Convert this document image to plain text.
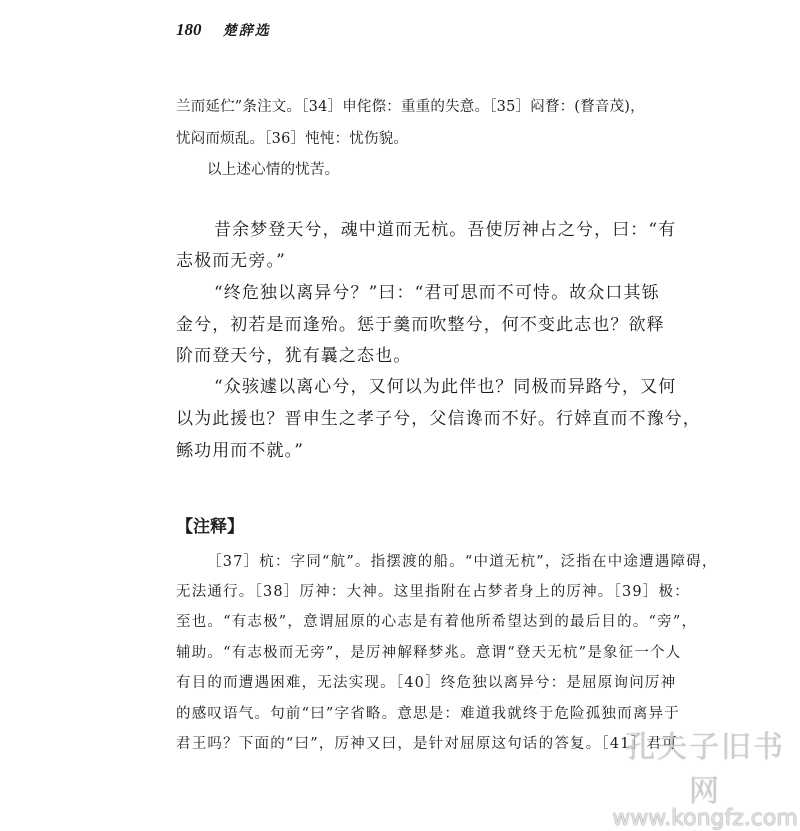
180 楚辞选
兰而延伫”条注文。［34］申侘傺：重重的失意。［35］闷瞀：(瞀音茂)，
忧闷而烦乱。［36］忳忳：忧伤貌。
以上述心情的忧苦。
昔余梦登天兮，魂中道而无杭。吾使厉神占之兮，曰：“有
志极而无旁。”
“终危独以离异兮？”曰：“君可思而不可恃。故众口其铄
金兮，初若是而逢殆。惩于羹而吹整兮，何不变此志也？欲释
阶而登天兮，犹有曩之态也。
“众骇遽以离心兮，又何以为此伴也？同极而异路兮，又何
以为此援也？晋申生之孝子兮，父信谗而不好。行婞直而不豫兮，
鲧功用而不就。”
【注释】
［37］杭：字同“航”。指摆渡的船。“中道无杭”，泛指在中途遭遇障碍，
无法通行。［38］厉神：大神。这里指附在占梦者身上的厉神。［39］极：
至也。“有志极”，意谓屈原的心志是有着他所希望达到的最后目的。“旁”，
辅助。“有志极而无旁”，是厉神解释梦兆。意谓“登天无杭”是象征一个人
有目的而遭遇困难，无法实现。［40］终危独以离异兮：是屈原询问厉神
的感叹语气。句前“曰”字省略。意思是：难道我就终于危险孤独而离异于
君王吗？下面的“曰”，厉神又曰，是针对屈原这句话的答复。［41］君可
孔夫子旧书网
www.kongfz.com
